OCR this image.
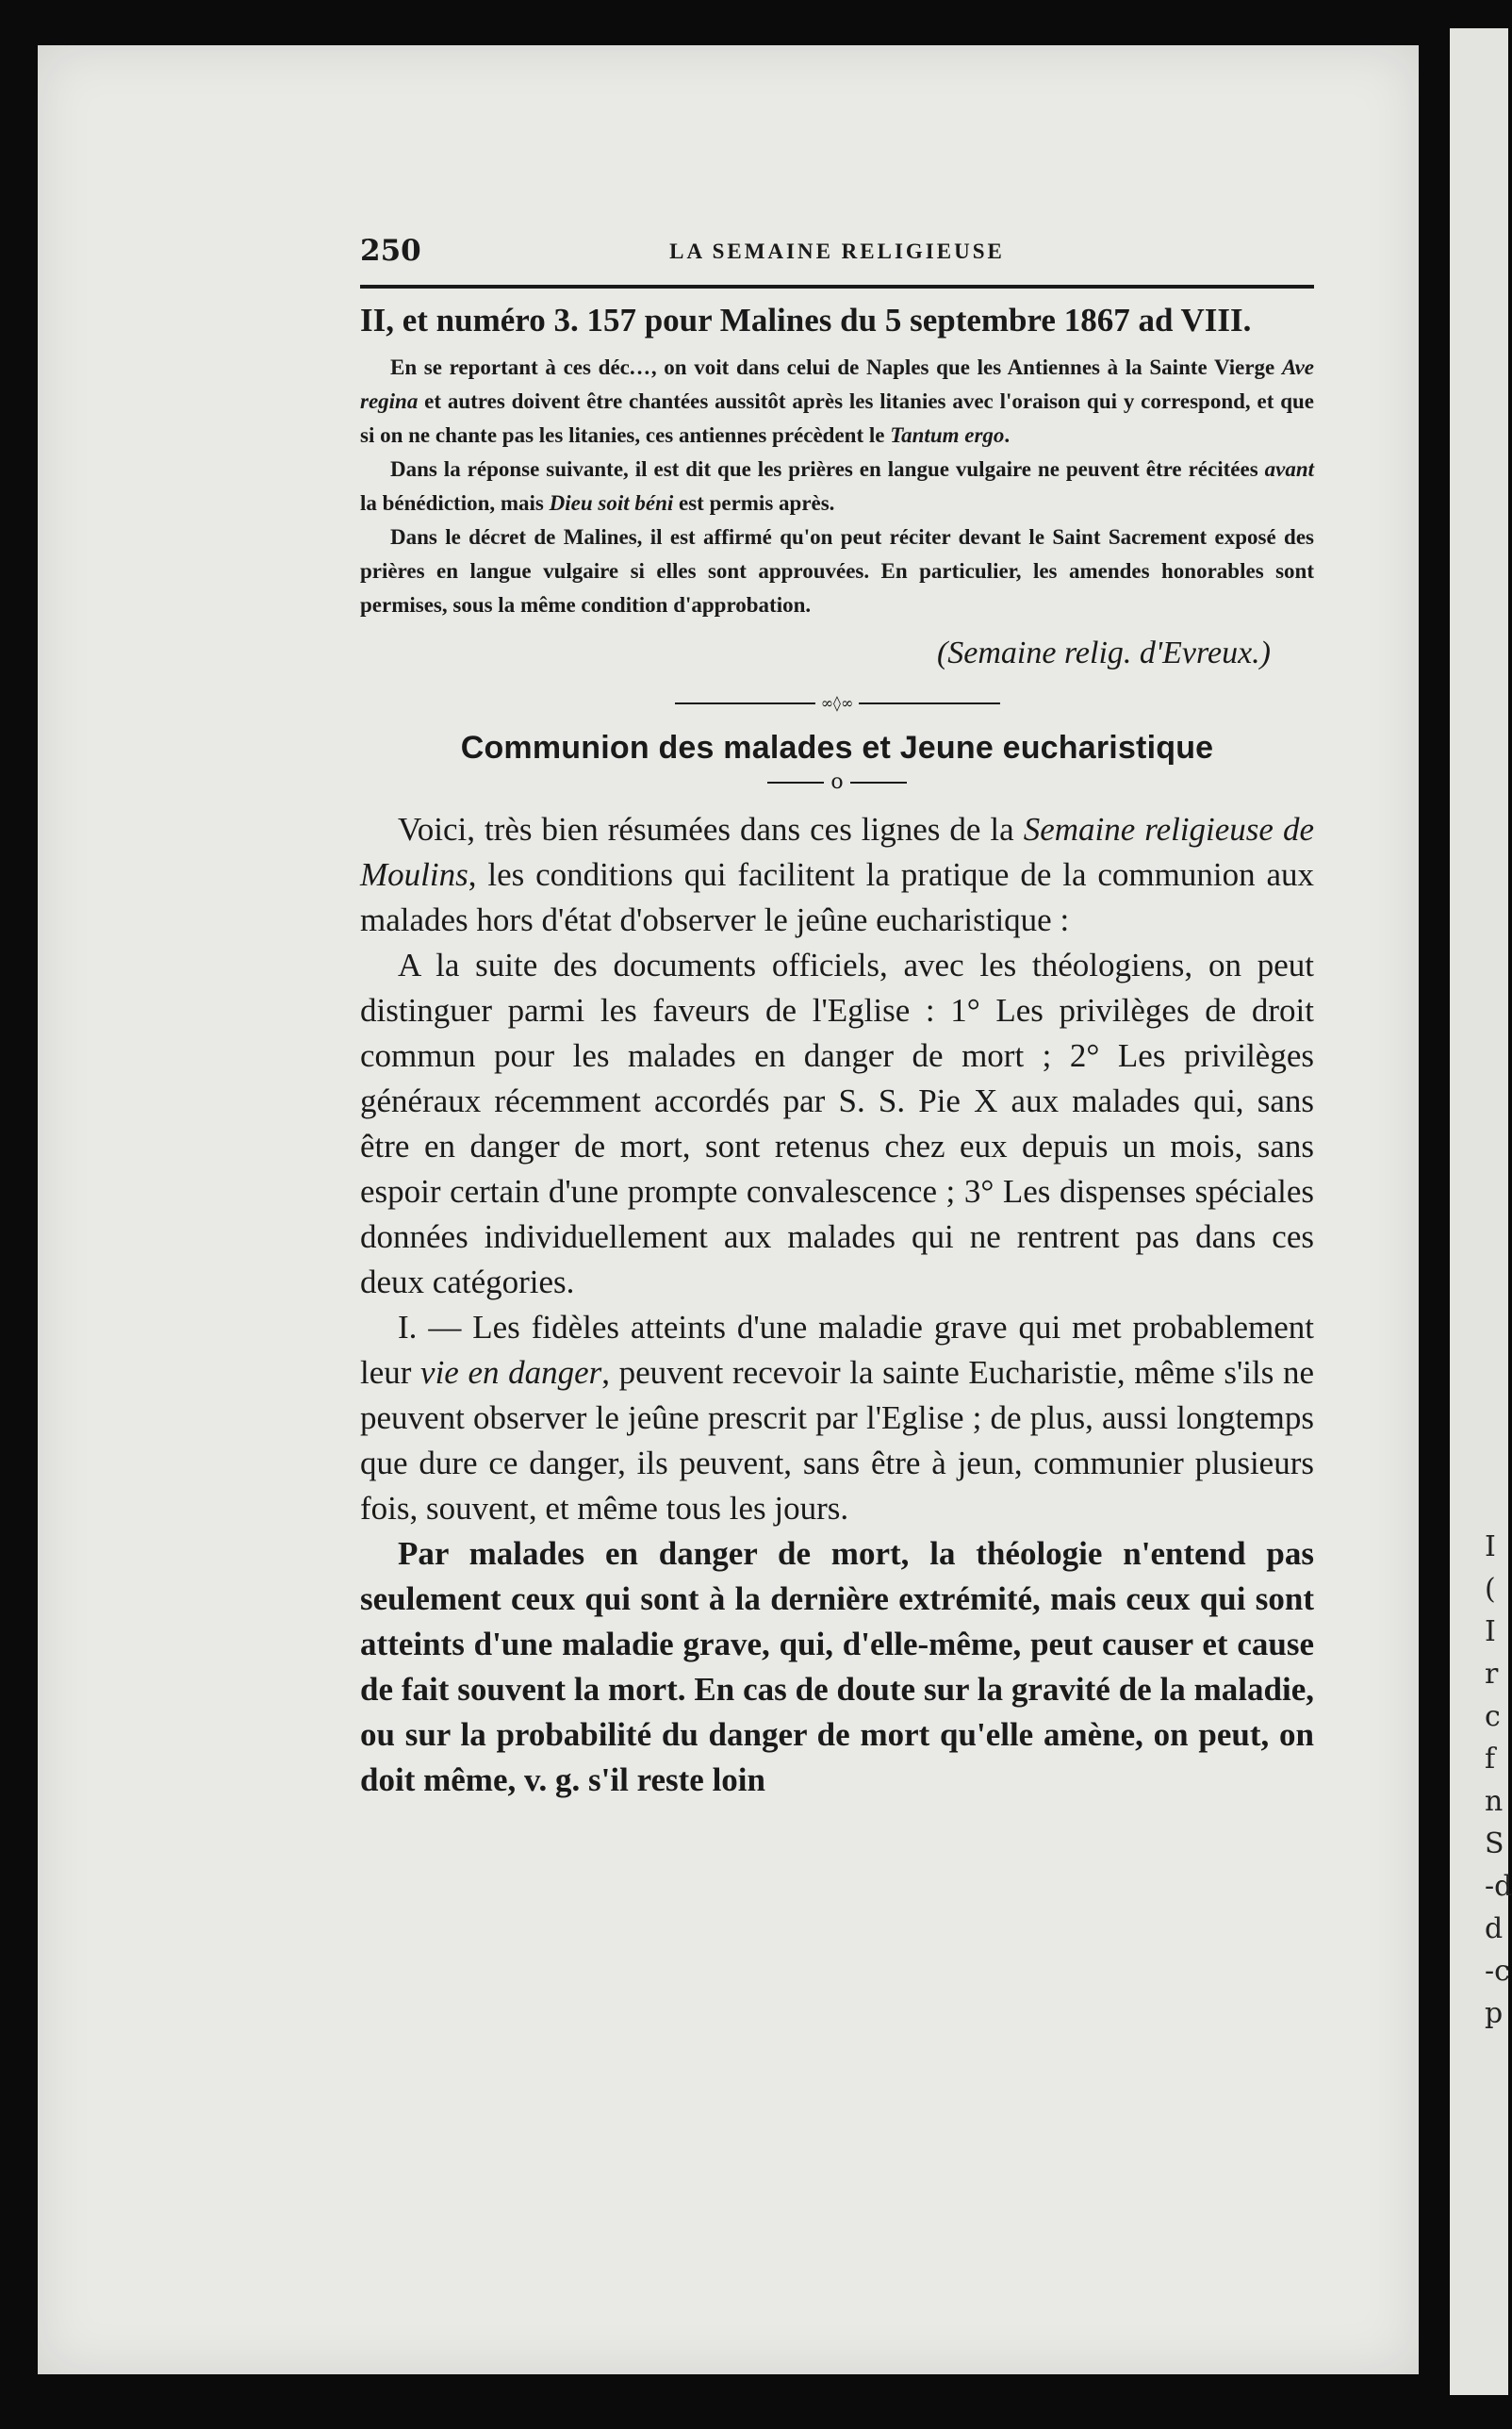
I
(
I
r
c
f
n
S
-d
d
-c
p
250	LA SEMAINE RELIGIEUSE

II, et numéro 3. 157 pour Malines du 5 septembre 1867 ad VIII.

En se reportant à ces déc…, on voit dans celui de Naples que les Antiennes à la Sainte Vierge Ave regina et autres doivent être chantées aussitôt après les litanies avec l'oraison qui y correspond, et que si on ne chante pas les litanies, ces antiennes précèdent le Tantum ergo.

Dans la réponse suivante, il est dit que les prières en langue vulgaire ne peuvent être récitées avant la bénédiction, mais Dieu soit béni est permis après.

Dans le décret de Malines, il est affirmé qu'on peut réciter devant le Saint Sacrement exposé des prières en langue vulgaire si elles sont approuvées. En particulier, les amendes honorables sont permises, sous la même condition d'approbation.

(Semaine relig. d'Evreux.)

∞◊∞
Communion des malades et Jeune eucharistique
o

Voici, très bien résumées dans ces lignes de la Semaine religieuse de Moulins, les conditions qui facilitent la pratique de la communion aux malades hors d'état d'observer le jeûne eucharistique :

A la suite des documents officiels, avec les théologiens, on peut distinguer parmi les faveurs de l'Eglise : 1° Les privilèges de droit commun pour les malades en danger de mort ; 2° Les privilèges généraux récemment accordés par S. S. Pie X aux malades qui, sans être en danger de mort, sont retenus chez eux depuis un mois, sans espoir certain d'une prompte convalescence ; 3° Les dispenses spéciales données individuellement aux malades qui ne rentrent pas dans ces deux catégories.

I. — Les fidèles atteints d'une maladie grave qui met probablement leur vie en danger, peuvent recevoir la sainte Eucharistie, même s'ils ne peuvent observer le jeûne prescrit par l'Eglise ; de plus, aussi longtemps que dure ce danger, ils peuvent, sans être à jeun, communier plusieurs fois, souvent, et même tous les jours.

Par malades en danger de mort, la théologie n'entend pas seulement ceux qui sont à la dernière extrémité, mais ceux qui sont atteints d'une maladie grave, qui, d'elle-même, peut causer et cause de fait souvent la mort. En cas de doute sur la gravité de la maladie, ou sur la probabilité du danger de mort qu'elle amène, on peut, on doit même, v. g. s'il reste loin
